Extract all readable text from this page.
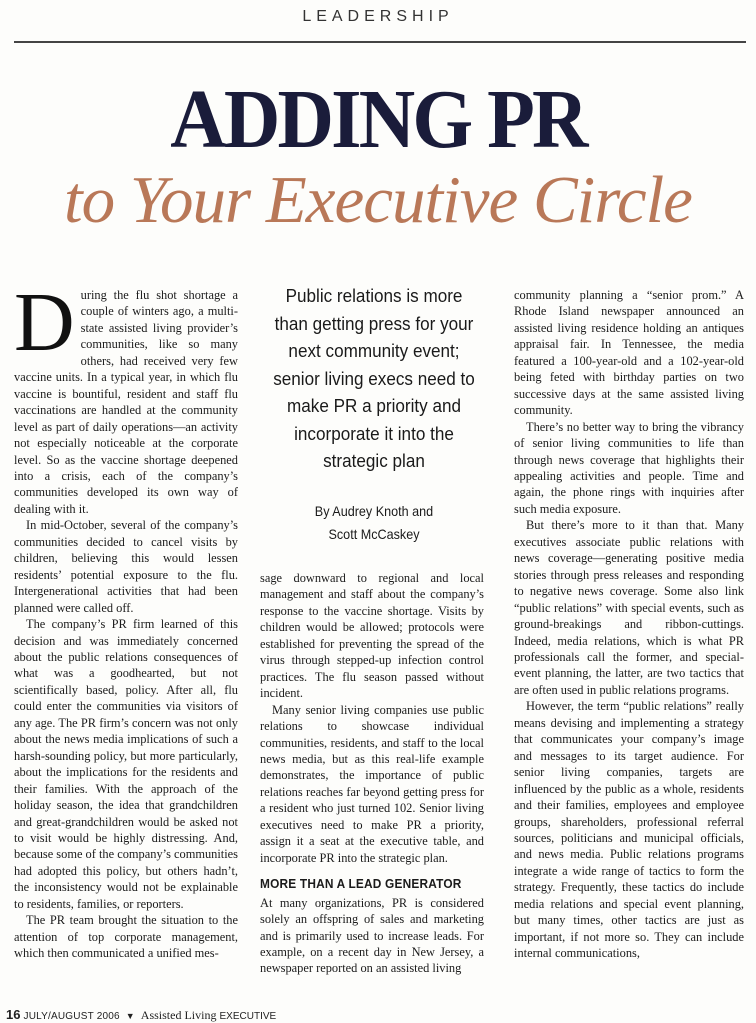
LEADERSHIP
ADDING PR
to Your Executive Circle

During the flu shot shortage a couple of winters ago, a multi-state assisted living provider’s communities, like so many others, had received very few vaccine units. In a typical year, in which flu vaccine is bountiful, resident and staff flu vaccinations are handled at the community level as part of daily operations—an activity not especially noticeable at the corporate level. So as the vaccine shortage deepened into a crisis, each of the company’s communities developed its own way of dealing with it.

In mid-October, several of the company’s communities decided to cancel visits by children, believing this would lessen residents’ potential exposure to the flu. Intergenerational activities that had been planned were called off.

The company’s PR firm learned of this decision and was immediately concerned about the public relations consequences of what was a goodhearted, but not scientifically based, policy. After all, flu could enter the communities via visitors of any age. The PR firm’s concern was not only about the news media implications of such a harsh-sounding policy, but more particularly, about the implications for the residents and their families. With the approach of the holiday season, the idea that grandchildren and great-grandchildren would be asked not to visit would be highly distressing. And, because some of the company’s communities had adopted this policy, but others hadn’t, the inconsistency would not be explainable to residents, families, or reporters.

The PR team brought the situation to the attention of top corporate management, which then communicated a unified mes-

Public relations is more than getting press for your next community event; senior living execs need to make PR a priority and incorporate it into the strategic plan
By Audrey Knoth and
Scott McCaskey

sage downward to regional and local management and staff about the company’s response to the vaccine shortage. Visits by children would be allowed; protocols were established for preventing the spread of the virus through stepped-up infection control practices. The flu season passed without incident.

Many senior living companies use public relations to showcase individual communities, residents, and staff to the local news media, but as this real-life example demonstrates, the importance of public relations reaches far beyond getting press for a resident who just turned 102. Senior living executives need to make PR a priority, assign it a seat at the executive table, and incorporate PR into the strategic plan.

MORE THAN A LEAD GENERATOR

At many organizations, PR is considered solely an offspring of sales and marketing and is primarily used to increase leads. For example, on a recent day in New Jersey, a newspaper reported on an assisted living

community planning a “senior prom.” A Rhode Island newspaper announced an assisted living residence holding an antiques appraisal fair. In Tennessee, the media featured a 100-year-old and a 102-year-old being feted with birthday parties on two successive days at the same assisted living community.

There’s no better way to bring the vibrancy of senior living communities to life than through news coverage that highlights their appealing activities and people. Time and again, the phone rings with inquiries after such media exposure.

But there’s more to it than that. Many executives associate public relations with news coverage—generating positive media stories through press releases and responding to negative news coverage. Some also link “public relations” with special events, such as ground-breakings and ribbon-cuttings. Indeed, media relations, which is what PR professionals call the former, and special-event planning, the latter, are two tactics that are often used in public relations programs.

However, the term “public relations” really means devising and implementing a strategy that communicates your company’s image and messages to its target audience. For senior living companies, targets are influenced by the public as a whole, residents and their families, employees and employee groups, shareholders, professional referral sources, politicians and municipal officials, and news media. Public relations programs integrate a wide range of tactics to form the strategy. Frequently, these tactics do include media relations and special event planning, but many times, other tactics are just as important, if not more so. They can include internal communications,

16 JULY/AUGUST 2006 ▼ Assisted Living EXECUTIVE
